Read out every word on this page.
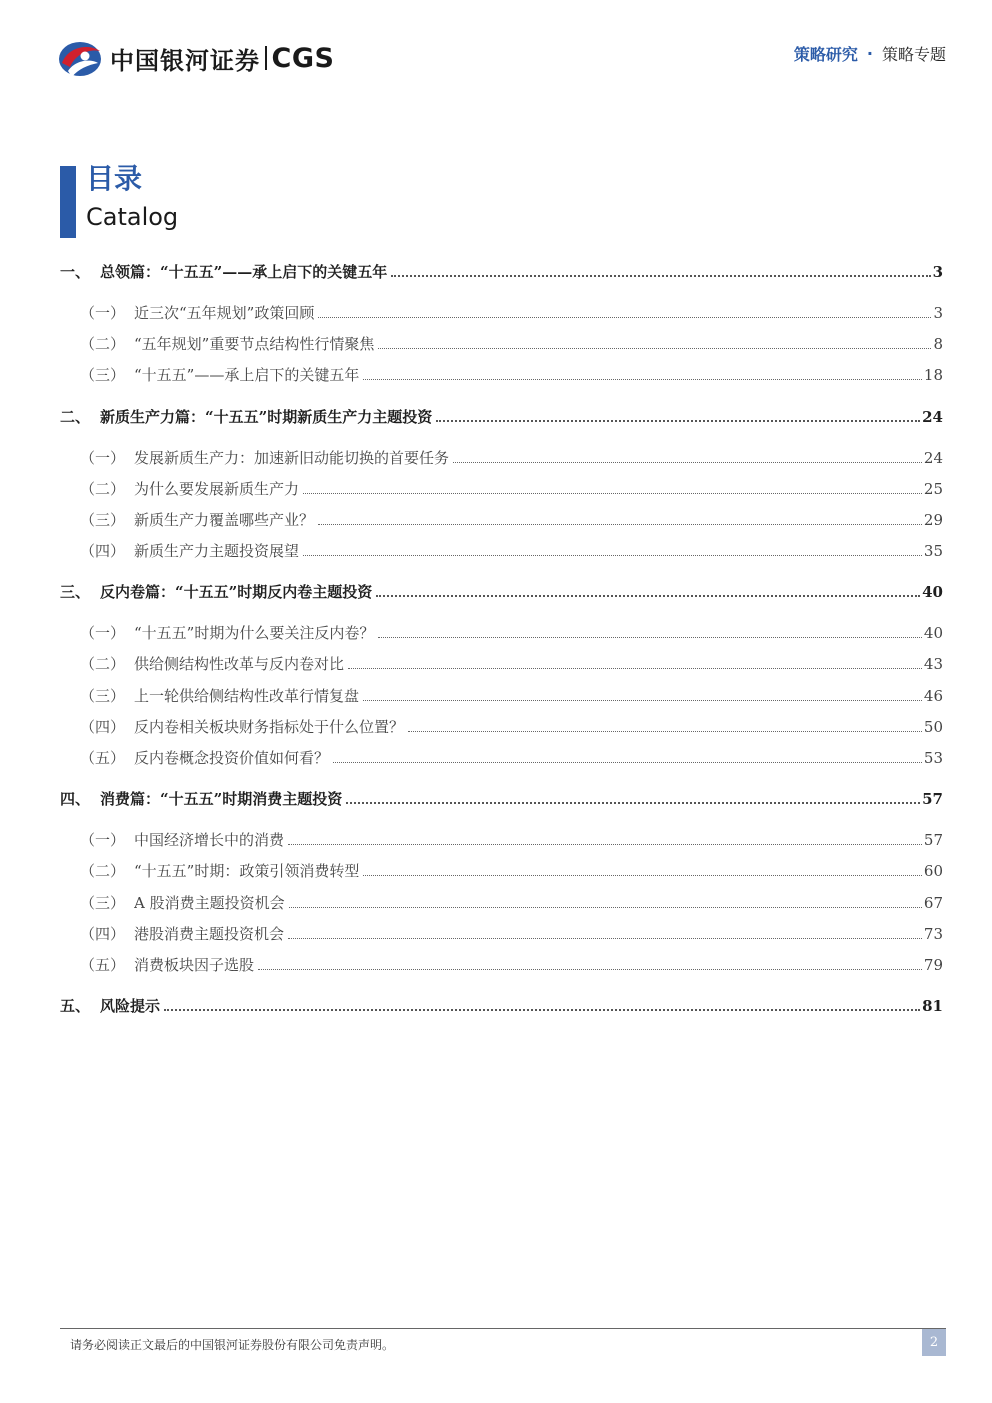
中国银河证券 CGS	策略研究 · 策略专题
目录
Catalog
一、 总领篇：“十五五”——承上启下的关键五年	3
（一） 近三次“五年规划”政策回顾	3
（二） “五年规划”重要节点结构性行情聚焦	8
（三） “十五五”——承上启下的关键五年	18
二、 新质生产力篇：“十五五”时期新质生产力主题投资	24
（一） 发展新质生产力：加速新旧动能切换的首要任务	24
（二） 为什么要发展新质生产力	25
（三） 新质生产力覆盖哪些产业？	29
（四） 新质生产力主题投资展望	35
三、 反内卷篇：“十五五”时期反内卷主题投资	40
（一） “十五五”时期为什么要关注反内卷？	40
（二） 供给侧结构性改革与反内卷对比	43
（三） 上一轮供给侧结构性改革行情复盘	46
（四） 反内卷相关板块财务指标处于什么位置？	50
（五） 反内卷概念投资价值如何看？	53
四、 消费篇：“十五五”时期消费主题投资	57
（一） 中国经济增长中的消费	57
（二） “十五五”时期：政策引领消费转型	60
（三） A 股消费主题投资机会	67
（四） 港股消费主题投资机会	73
（五） 消费板块因子选股	79
五、 风险提示	81
请务必阅读正文最后的中国银河证券股份有限公司免责声明。	2
